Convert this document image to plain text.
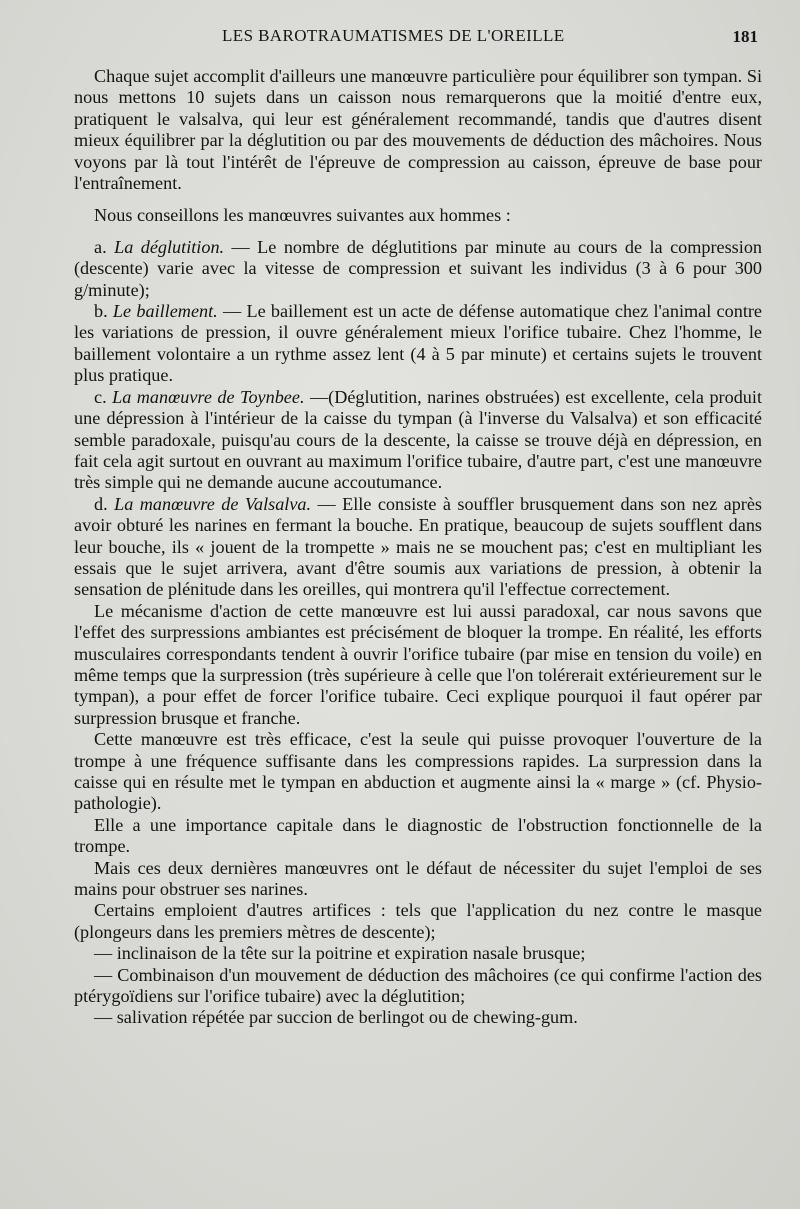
LES BAROTRAUMATISMES DE L'OREILLE	181

Chaque sujet accomplit d'ailleurs une manœuvre particulière pour équilibrer son tympan. Si nous mettons 10 sujets dans un caisson nous remarquerons que la moitié d'entre eux, pratiquent le valsalva, qui leur est généralement recommandé, tandis que d'autres disent mieux équilibrer par la déglutition ou par des mouvements de déduction des mâchoires. Nous voyons par là tout l'intérêt de l'épreuve de compression au caisson, épreuve de base pour l'entraînement.

Nous conseillons les manœuvres suivantes aux hommes :

a. La déglutition. — Le nombre de déglutitions par minute au cours de la compression (descente) varie avec la vitesse de compression et suivant les individus (3 à 6 pour 300 g/minute);

b. Le baillement. — Le baillement est un acte de défense automatique chez l'animal contre les variations de pression, il ouvre généralement mieux l'orifice tubaire. Chez l'homme, le baillement volontaire a un rythme assez lent (4 à 5 par minute) et certains sujets le trouvent plus pratique.

c. La manœuvre de Toynbee. —(Déglutition, narines obstruées) est excellente, cela produit une dépression à l'intérieur de la caisse du tympan (à l'inverse du Valsalva) et son efficacité semble paradoxale, puisqu'au cours de la descente, la caisse se trouve déjà en dépression, en fait cela agit surtout en ouvrant au maximum l'orifice tubaire, d'autre part, c'est une manœuvre très simple qui ne demande aucune accoutumance.

d. La manœuvre de Valsalva. — Elle consiste à souffler brusquement dans son nez après avoir obturé les narines en fermant la bouche. En pratique, beaucoup de sujets soufflent dans leur bouche, ils « jouent de la trompette » mais ne se mouchent pas; c'est en multipliant les essais que le sujet arrivera, avant d'être soumis aux variations de pression, à obtenir la sensation de plénitude dans les oreilles, qui montrera qu'il l'effectue correctement.

Le mécanisme d'action de cette manœuvre est lui aussi paradoxal, car nous savons que l'effet des surpressions ambiantes est précisément de bloquer la trompe. En réalité, les efforts musculaires correspondants tendent à ouvrir l'orifice tubaire (par mise en tension du voile) en même temps que la surpression (très supérieure à celle que l'on tolérerait extérieurement sur le tympan), a pour effet de forcer l'orifice tubaire. Ceci explique pourquoi il faut opérer par surpression brusque et franche.

Cette manœuvre est très efficace, c'est la seule qui puisse provoquer l'ouverture de la trompe à une fréquence suffisante dans les compressions rapides. La surpression dans la caisse qui en résulte met le tympan en abduction et augmente ainsi la « marge » (cf. Physio-pathologie).

Elle a une importance capitale dans le diagnostic de l'obstruction fonctionnelle de la trompe.

Mais ces deux dernières manœuvres ont le défaut de nécessiter du sujet l'emploi de ses mains pour obstruer ses narines.

Certains emploient d'autres artifices : tels que l'application du nez contre le masque (plongeurs dans les premiers mètres de descente);

— inclinaison de la tête sur la poitrine et expiration nasale brusque;

— Combinaison d'un mouvement de déduction des mâchoires (ce qui confirme l'action des ptérygoïdiens sur l'orifice tubaire) avec la déglutition;

— salivation répétée par succion de berlingot ou de chewing-gum.
